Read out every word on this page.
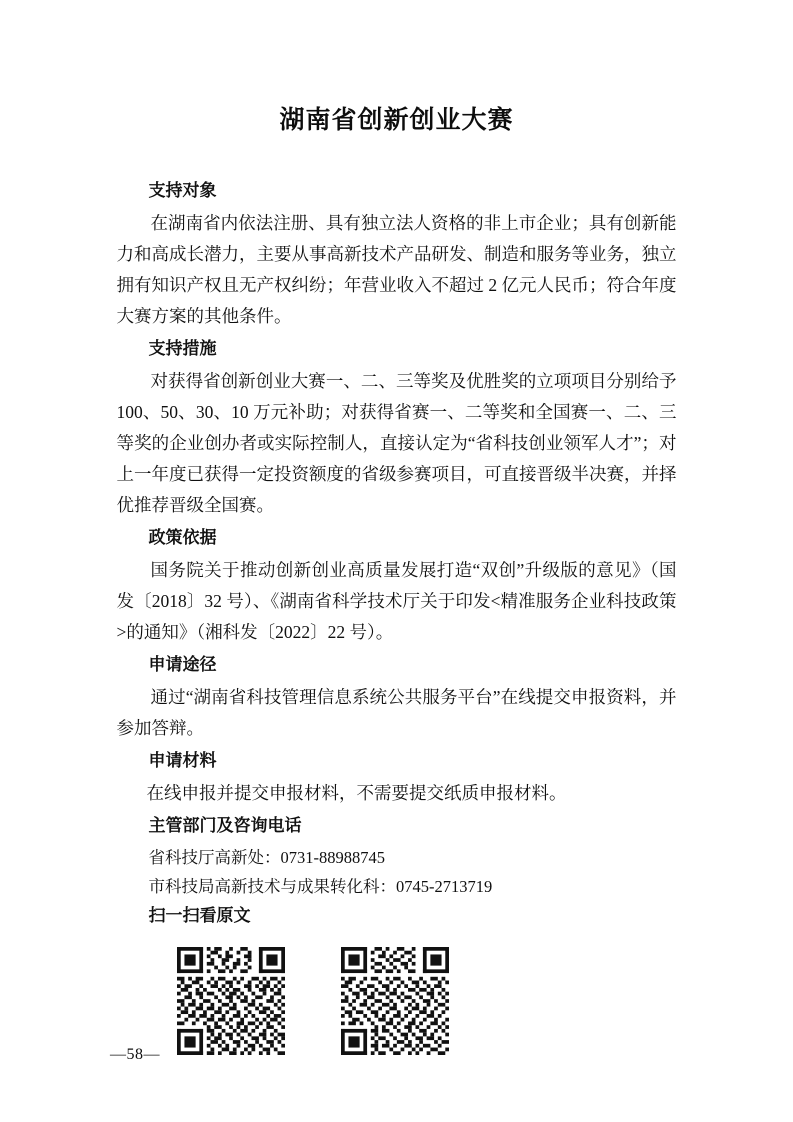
湖南省创新创业大赛
支持对象

在湖南省内依法注册、具有独立法人资格的非上市企业；具有创新能力和高成长潜力，主要从事高新技术产品研发、制造和服务等业务，独立拥有知识产权且无产权纠纷；年营业收入不超过 2 亿元人民币；符合年度大赛方案的其他条件。

支持措施

对获得省创新创业大赛一、二、三等奖及优胜奖的立项项目分别给予 100、50、30、10 万元补助；对获得省赛一、二等奖和全国赛一、二、三等奖的企业创办者或实际控制人，直接认定为“省科技创业领军人才”；对上一年度已获得一定投资额度的省级参赛项目，可直接晋级半决赛，并择优推荐晋级全国赛。

政策依据

国务院关于推动创新创业高质量发展打造“双创”升级版的意见》（国发〔2018〕32 号）、《湖南省科学技术厅关于印发<精准服务企业科技政策>的通知》（湘科发〔2022〕22 号）。

申请途径

通过“湖南省科技管理信息系统公共服务平台”在线提交申报资料，并参加答辩。

申请材料

在线申报并提交申报材料，不需要提交纸质申报材料。

主管部门及咨询电话

省科技厅高新处：0731-88988745

市科技局高新技术与成果转化科：0745-2713719

扫一扫看原文
—58—
